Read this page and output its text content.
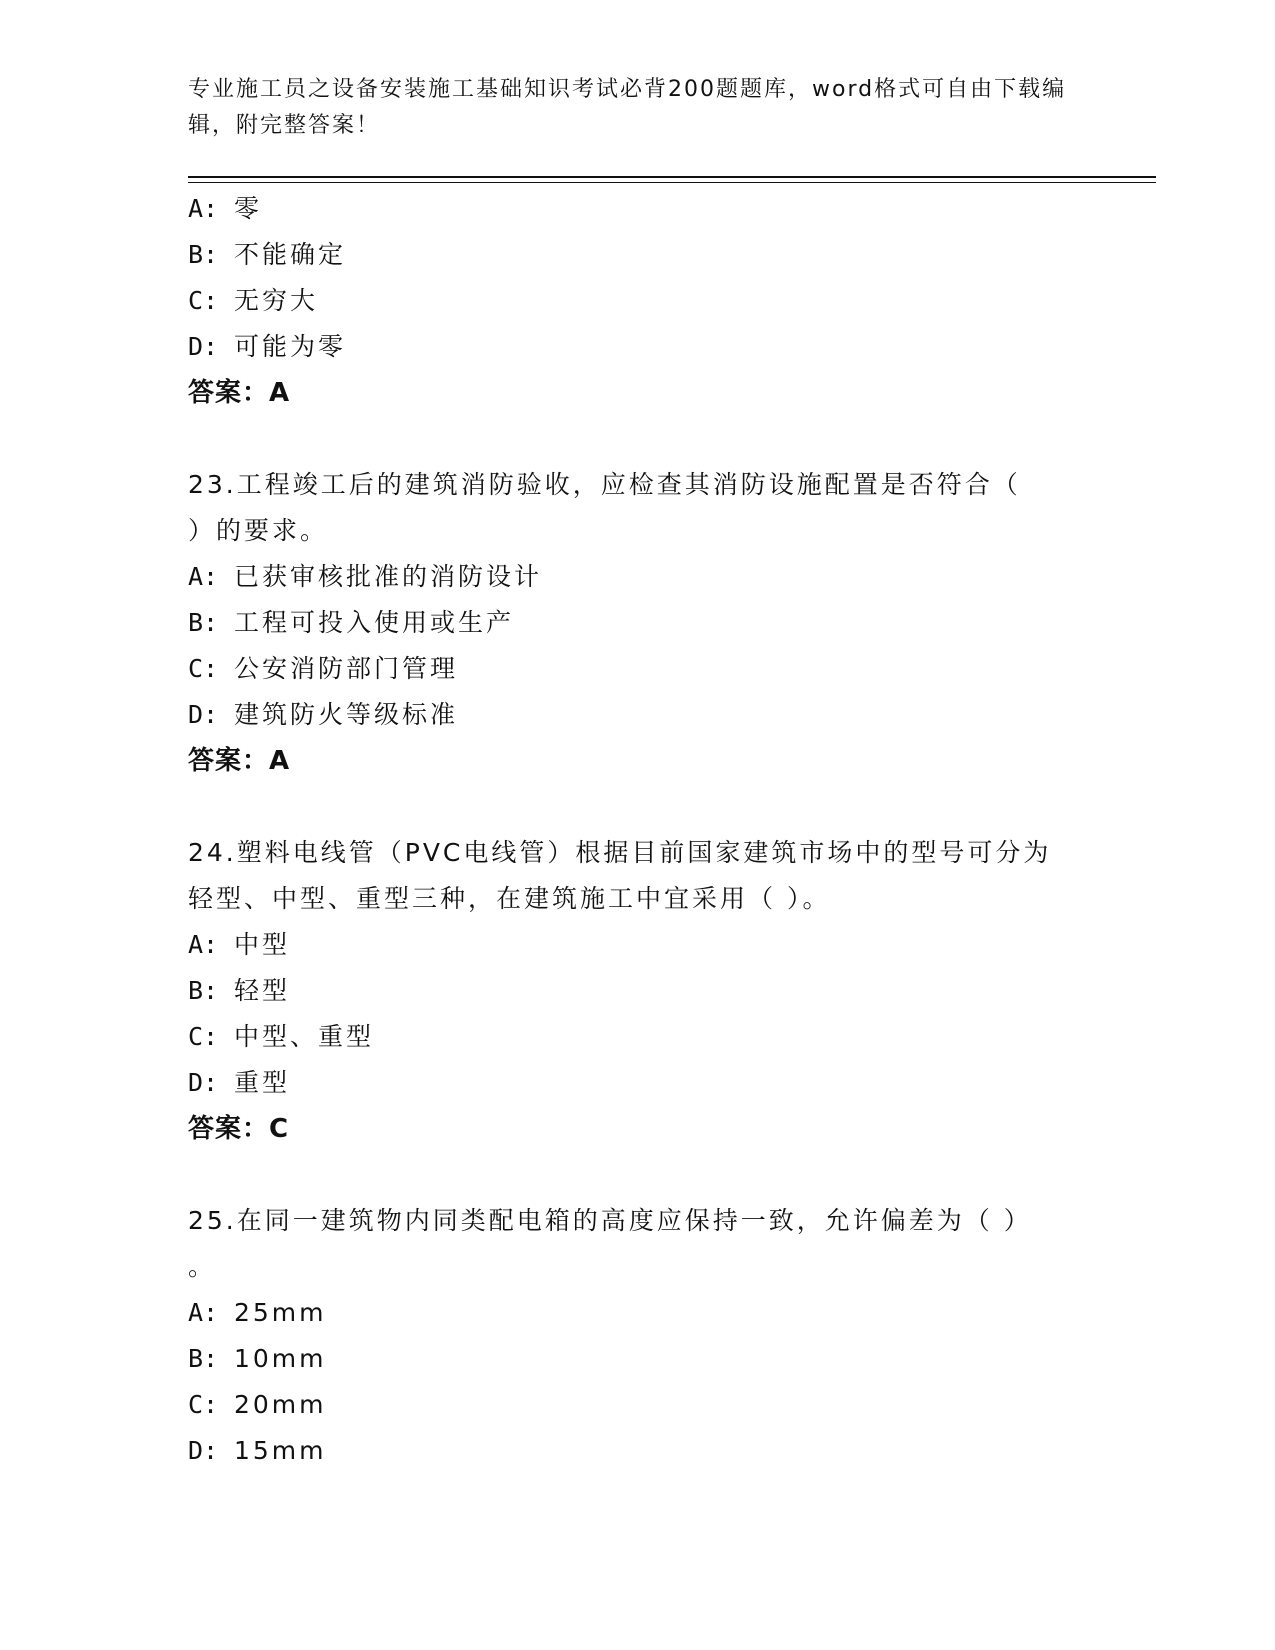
专业施工员之设备安装施工基础知识考试必背200题题库，word格式可自由下载编辑，附完整答案！
A: 零
B: 不能确定
C: 无穷大
D: 可能为零
答案：A
23.工程竣工后的建筑消防验收，应检查其消防设施配置是否符合（
）的要求。
A: 已获审核批准的消防设计
B: 工程可投入使用或生产
C: 公安消防部门管理
D: 建筑防火等级标准
答案：A
24.塑料电线管（PVC电线管）根据目前国家建筑市场中的型号可分为
轻型、中型、重型三种，在建筑施工中宜采用（ ）。
A: 中型
B: 轻型
C: 中型、重型
D: 重型
答案：C
25.在同一建筑物内同类配电箱的高度应保持一致，允许偏差为（ ）
。
A: 25mm
B: 10mm
C: 20mm
D: 15mm
